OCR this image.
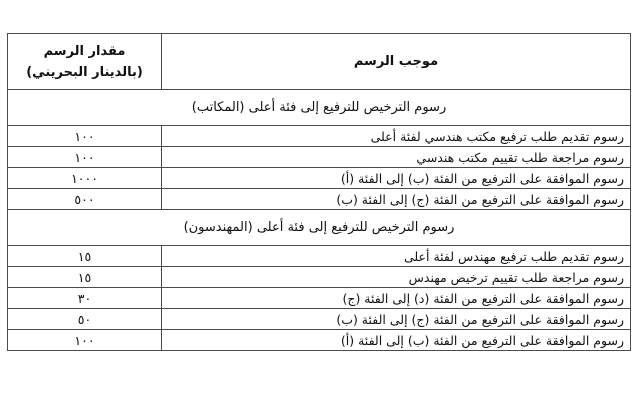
موجب الرسم	مقدار الرسم
(بالدينار البحريني)

رسوم الترخيص للترفيع إلى فئة أعلى (المكاتب)	
رسوم تقديم طلب ترفيع مكتب هندسي لفئة أعلى	١٠٠
رسوم مراجعة طلب تقييم مكتب هندسي	١٠٠
رسوم الموافقة على الترفيع من الفئة (ب) إلى الفئة (أ)	١٠٠٠
رسوم الموافقة على الترفيع من الفئة (ج) إلى الفئة (ب)	٥٠٠
رسوم الترخيص للترفيع إلى فئة أعلى (المهندسون)	
رسوم تقديم طلب ترفيع مهندس لفئة أعلى	١٥
رسوم مراجعة طلب تقييم ترخيص مهندس	١٥
رسوم الموافقة على الترفيع من الفئة (د) إلى الفئة (ج)	٣٠
رسوم الموافقة على الترفيع من الفئة (ج) إلى الفئة (ب)	٥٠
رسوم الموافقة على الترفيع من الفئة (ب) إلى الفئة (أ)	١٠٠
